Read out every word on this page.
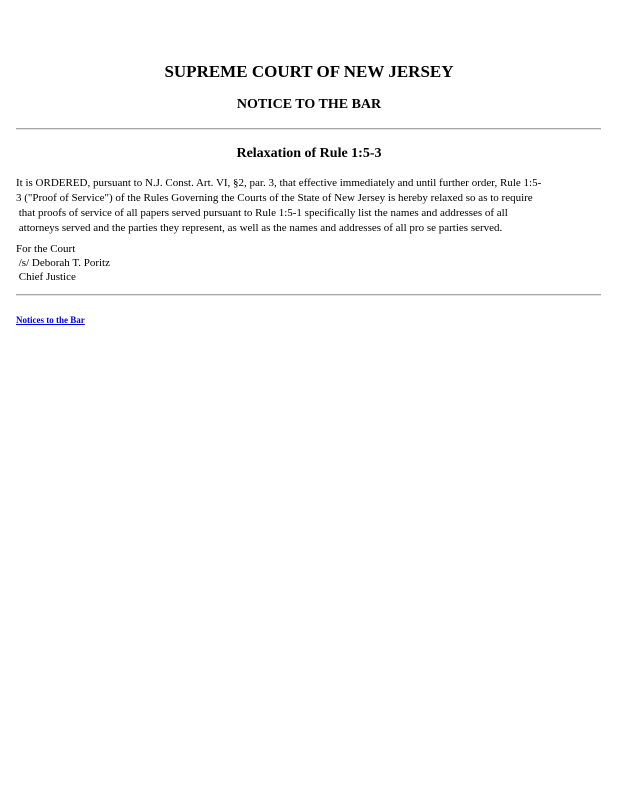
SUPREME COURT OF NEW JERSEY
NOTICE TO THE BAR
Relaxation of Rule 1:5-3

It is ORDERED, pursuant to N.J. Const. Art. VI, §2, par. 3, that effective immediately and until further order, Rule 1:5-
3 ("Proof of Service") of the Rules Governing the Courts of the State of New Jersey is hereby relaxed so as to require
that proofs of service of all papers served pursuant to Rule 1:5-1 specifically list the names and addresses of all
attorneys served and the parties they represent, as well as the names and addresses of all pro se parties served.

For the Court
/s/ Deborah T. Poritz
Chief Justice
Notices to the Bar
